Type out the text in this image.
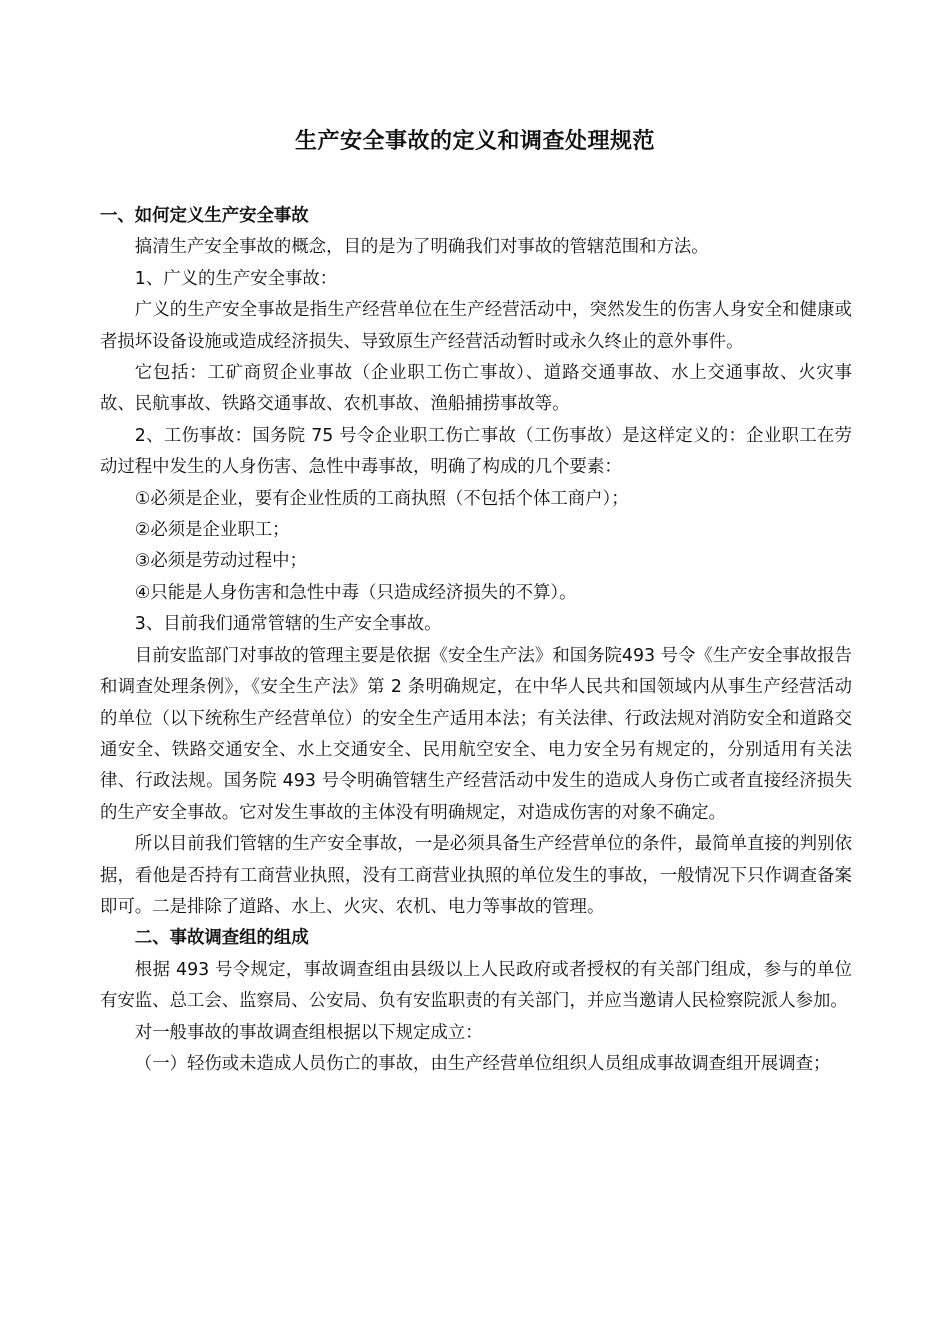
生产安全事故的定义和调查处理规范

一、如何定义生产安全事故

搞清生产安全事故的概念，目的是为了明确我们对事故的管辖范围和方法。

1、广义的生产安全事故：

广义的生产安全事故是指生产经营单位在生产经营活动中，突然发生的伤害人身安全和健康或者损坏设备设施或造成经济损失、导致原生产经营活动暂时或永久终止的意外事件。

它包括：工矿商贸企业事故（企业职工伤亡事故）、道路交通事故、水上交通事故、火灾事故、民航事故、铁路交通事故、农机事故、渔船捕捞事故等。

2、工伤事故：国务院 75 号令企业职工伤亡事故（工伤事故）是这样定义的：企业职工在劳动过程中发生的人身伤害、急性中毒事故，明确了构成的几个要素：

①必须是企业，要有企业性质的工商执照（不包括个体工商户）；

②必须是企业职工；

③必须是劳动过程中；

④只能是人身伤害和急性中毒（只造成经济损失的不算）。

3、目前我们通常管辖的生产安全事故。

目前安监部门对事故的管理主要是依据《安全生产法》和国务院493 号令《生产安全事故报告和调查处理条例》，《安全生产法》第 2 条明确规定，在中华人民共和国领域内从事生产经营活动的单位（以下统称生产经营单位）的安全生产适用本法；有关法律、行政法规对消防安全和道路交通安全、铁路交通安全、水上交通安全、民用航空安全、电力安全另有规定的，分别适用有关法律、行政法规。国务院 493 号令明确管辖生产经营活动中发生的造成人身伤亡或者直接经济损失的生产安全事故。它对发生事故的主体没有明确规定，对造成伤害的对象不确定。

所以目前我们管辖的生产安全事故，一是必须具备生产经营单位的条件，最简单直接的判别依据，看他是否持有工商营业执照，没有工商营业执照的单位发生的事故，一般情况下只作调查备案即可。二是排除了道路、水上、火灾、农机、电力等事故的管理。

二、事故调查组的组成

根据 493 号令规定，事故调查组由县级以上人民政府或者授权的有关部门组成，参与的单位有安监、总工会、监察局、公安局、负有安监职责的有关部门，并应当邀请人民检察院派人参加。

对一般事故的事故调查组根据以下规定成立：

（一）轻伤或未造成人员伤亡的事故，由生产经营单位组织人员组成事故调查组开展调查；
